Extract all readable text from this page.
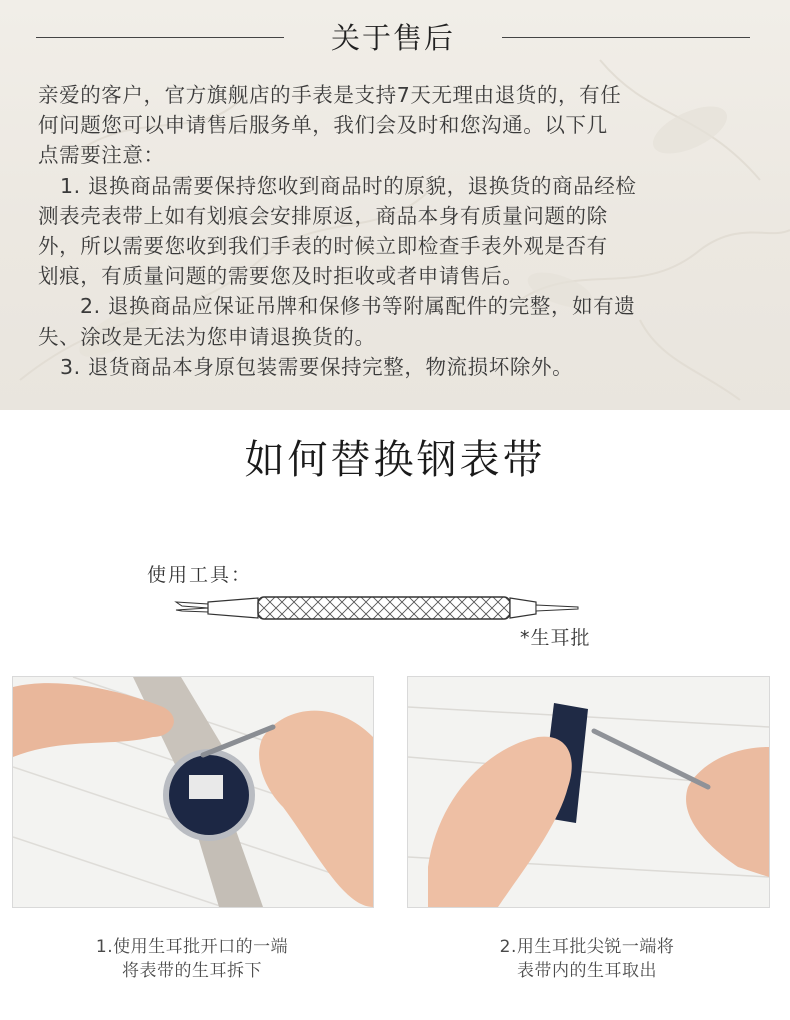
关于售后

亲爱的客户，官方旗舰店的手表是支持7天无理由退货的，有任

何问题您可以申请售后服务单，我们会及时和您沟通。以下几

点需要注意：

1. 退换商品需要保持您收到商品时的原貌，退换货的商品经检

测表壳表带上如有划痕会安排原返，商品本身有质量问题的除

外，所以需要您收到我们手表的时候立即检查手表外观是否有

划痕，有质量问题的需要您及时拒收或者申请售后。

2. 退换商品应保证吊牌和保修书等附属配件的完整，如有遗

失、涂改是无法为您申请退换货的。

3. 退货商品本身原包装需要保持完整，物流损坏除外。

如何替换钢表带
使用工具：
*生耳批
1.使用生耳批开口的一端
将表带的生耳拆下
2.用生耳批尖锐一端将
表带内的生耳取出
